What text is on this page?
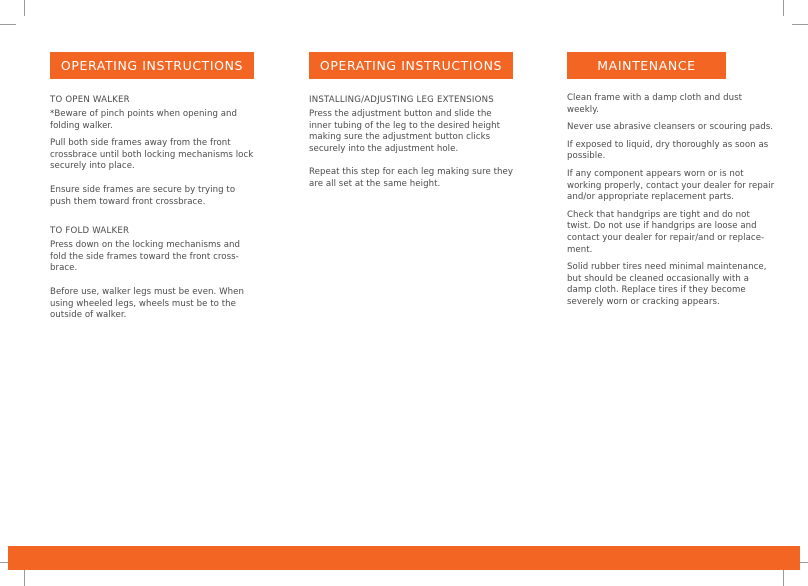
OPERATING INSTRUCTIONS
TO OPEN WALKER

*Beware of pinch points when opening and folding walker.

Pull both side frames away from the front crossbrace until both locking mechanisms lock securely into place.

Ensure side frames are secure by trying to push them toward front crossbrace.

TO FOLD WALKER

Press down on the locking mechanisms and fold the side frames toward the front cross-brace.

Before use, walker legs must be even. When using wheeled legs, wheels must be to the outside of walker.

OPERATING INSTRUCTIONS
INSTALLING/ADJUSTING LEG EXTENSIONS

Press the adjustment button and slide the inner tubing of the leg to the desired height making sure the adjustment button clicks securely into the adjustment hole.

Repeat this step for each leg making sure they are all set at the same height.

MAINTENANCE

Clean frame with a damp cloth and dust weekly.

Never use abrasive cleansers or scouring pads.

If exposed to liquid, dry thoroughly as soon as possible.

If any component appears worn or is not working properly, contact your dealer for repair and/or appropriate replacement parts.

Check that handgrips are tight and do not twist. Do not use if handgrips are loose and contact your dealer for repair/and or replace-ment.

Solid rubber tires need minimal maintenance, but should be cleaned occasionally with a damp cloth. Replace tires if they become severely worn or cracking appears.
